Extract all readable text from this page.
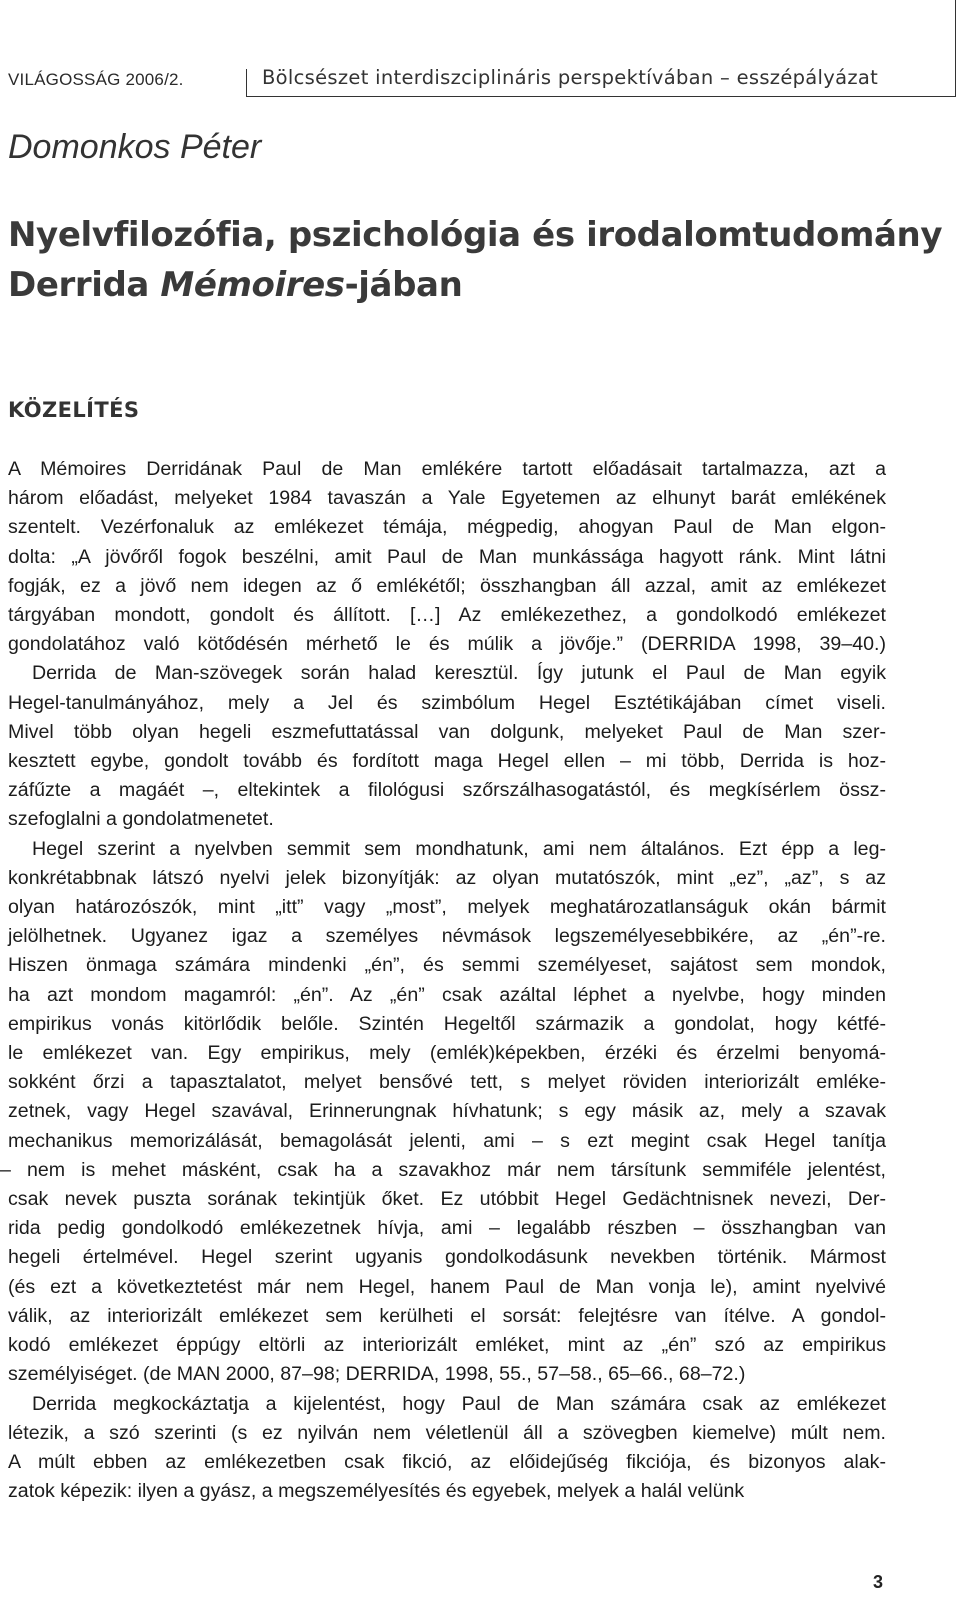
VILÁGOSSÁG 2006/2.	Bölcsészet interdiszciplináris perspektívában – esszépályázat
Domonkos Péter
Nyelvfilozófia, pszichológia és irodalomtudomány
Derrida Mémoires-jában
KÖZELÍTÉS
A Mémoires Derridának Paul de Man emlékére tartott előadásait tartalmazza, azt a
három előadást, melyeket 1984 tavaszán a Yale Egyetemen az elhunyt barát emlékének
szentelt. Vezérfonaluk az emlékezet témája, mégpedig, ahogyan Paul de Man elgon-
dolta: „A jövőről fogok beszélni, amit Paul de Man munkássága hagyott ránk. Mint látni
fogják, ez a jövő nem idegen az ő emlékétől; összhangban áll azzal, amit az emlékezet
tárgyában mondott, gondolt és állított. […] Az emlékezethez, a gondolkodó emlékezet
gondolatához való kötődésén mérhető le és múlik a jövője.” (DERRIDA 1998, 39–40.)
Derrida de Man-szövegek során halad keresztül. Így jutunk el Paul de Man egyik
Hegel-tanulmányához, mely a Jel és szimbólum Hegel Esztétikájában címet viseli.
Mivel több olyan hegeli eszmefuttatással van dolgunk, melyeket Paul de Man szer-
kesztett egybe, gondolt tovább és fordított maga Hegel ellen – mi több, Derrida is hoz-
záfűzte a magáét –, eltekintek a filológusi szőrszálhasogatástól, és megkísérlem össz-
szefoglalni a gondolatmenetet.
Hegel szerint a nyelvben semmit sem mondhatunk, ami nem általános. Ezt épp a leg-
konkrétabbnak látszó nyelvi jelek bizonyítják: az olyan mutatószók, mint „ez”, „az”, s az
olyan határozószók, mint „itt” vagy „most”, melyek meghatározatlanságuk okán bármit
jelölhetnek. Ugyanez igaz a személyes névmások legszemélyesebbikére, az „én”-re.
Hiszen önmaga számára mindenki „én”, és semmi személyeset, sajátost sem mondok,
ha azt mondom magamról: „én”. Az „én” csak azáltal léphet a nyelvbe, hogy minden
empirikus vonás kitörlődik belőle. Szintén Hegeltől származik a gondolat, hogy kétfé-
le emlékezet van. Egy empirikus, mely (emlék)képekben, érzéki és érzelmi benyomá-
sokként őrzi a tapasztalatot, melyet bensővé tett, s melyet röviden interiorizált emléke-
zetnek, vagy Hegel szavával, Erinnerungnak hívhatunk; s egy másik az, mely a szavak
mechanikus memorizálását, bemagolását jelenti, ami – s ezt megint csak Hegel tanítja
– nem is mehet másként, csak ha a szavakhoz már nem társítunk semmiféle jelentést,
csak nevek puszta sorának tekintjük őket. Ez utóbbit Hegel Gedächtnisnek nevezi, Der-
rida pedig gondolkodó emlékezetnek hívja, ami – legalább részben – összhangban van
hegeli értelmével. Hegel szerint ugyanis gondolkodásunk nevekben történik. Mármost
(és ezt a következtetést már nem Hegel, hanem Paul de Man vonja le), amint nyelvivé
válik, az interiorizált emlékezet sem kerülheti el sorsát: felejtésre van ítélve. A gondol-
kodó emlékezet éppúgy eltörli az interiorizált emléket, mint az „én” szó az empirikus
személyiséget. (de MAN 2000, 87–98; DERRIDA, 1998, 55., 57–58., 65–66., 68–72.)
Derrida megkockáztatja a kijelentést, hogy Paul de Man számára csak az emlékezet
létezik, a szó szerinti (s ez nyilván nem véletlenül áll a szövegben kiemelve) múlt nem.
A múlt ebben az emlékezetben csak fikció, az előidejűség fikciója, és bizonyos alak-
zatok képezik: ilyen a gyász, a megszemélyesítés és egyebek, melyek a halál velünk
3
